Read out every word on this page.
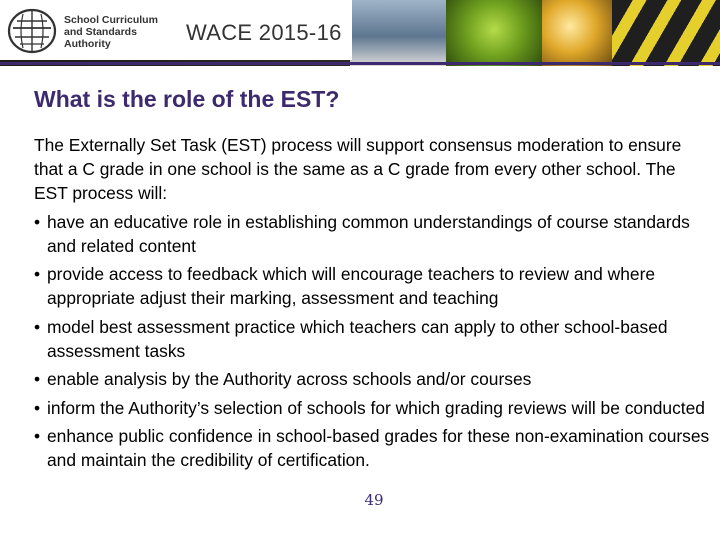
School Curriculum
and Standards
Authority	WACE 2015-16
What is the role of the EST?

The Externally Set Task (EST) process will support consensus moderation to ensure that a C grade in one school is the same as a C grade from every other school. The EST process will:

• have an educative role in establishing common understandings of course standards and related content
• provide access to feedback which will encourage teachers to review and where appropriate adjust their marking, assessment and teaching
• model best assessment practice which teachers can apply to other school-based assessment tasks
• enable analysis by the Authority across schools and/or courses
• inform the Authority’s selection of schools for which grading reviews will be conducted
• enhance public confidence in school-based grades for these non-examination courses and maintain the credibility of certification.
49
